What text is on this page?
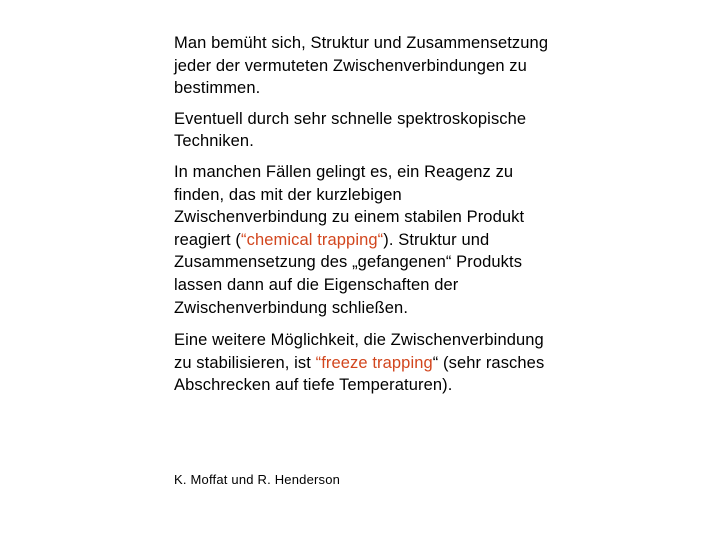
Man bemüht sich, Struktur und Zusammensetzung jeder der vermuteten Zwischenverbindungen zu bestimmen.

Eventuell durch sehr schnelle spektroskopische Techniken.

In manchen Fällen gelingt es, ein Reagenz zu finden, das mit der kurzlebigen Zwischenverbindung zu einem stabilen Produkt reagiert (“chemical trapping“). Struktur und Zusammensetzung des „gefangenen“ Produkts lassen dann auf die Eigenschaften der Zwischenverbindung schließen.

Eine weitere Möglichkeit, die Zwischenverbindung zu stabilisieren, ist “freeze trapping“ (sehr rasches Abschrecken auf tiefe Temperaturen).

K. Moffat und R. Henderson
